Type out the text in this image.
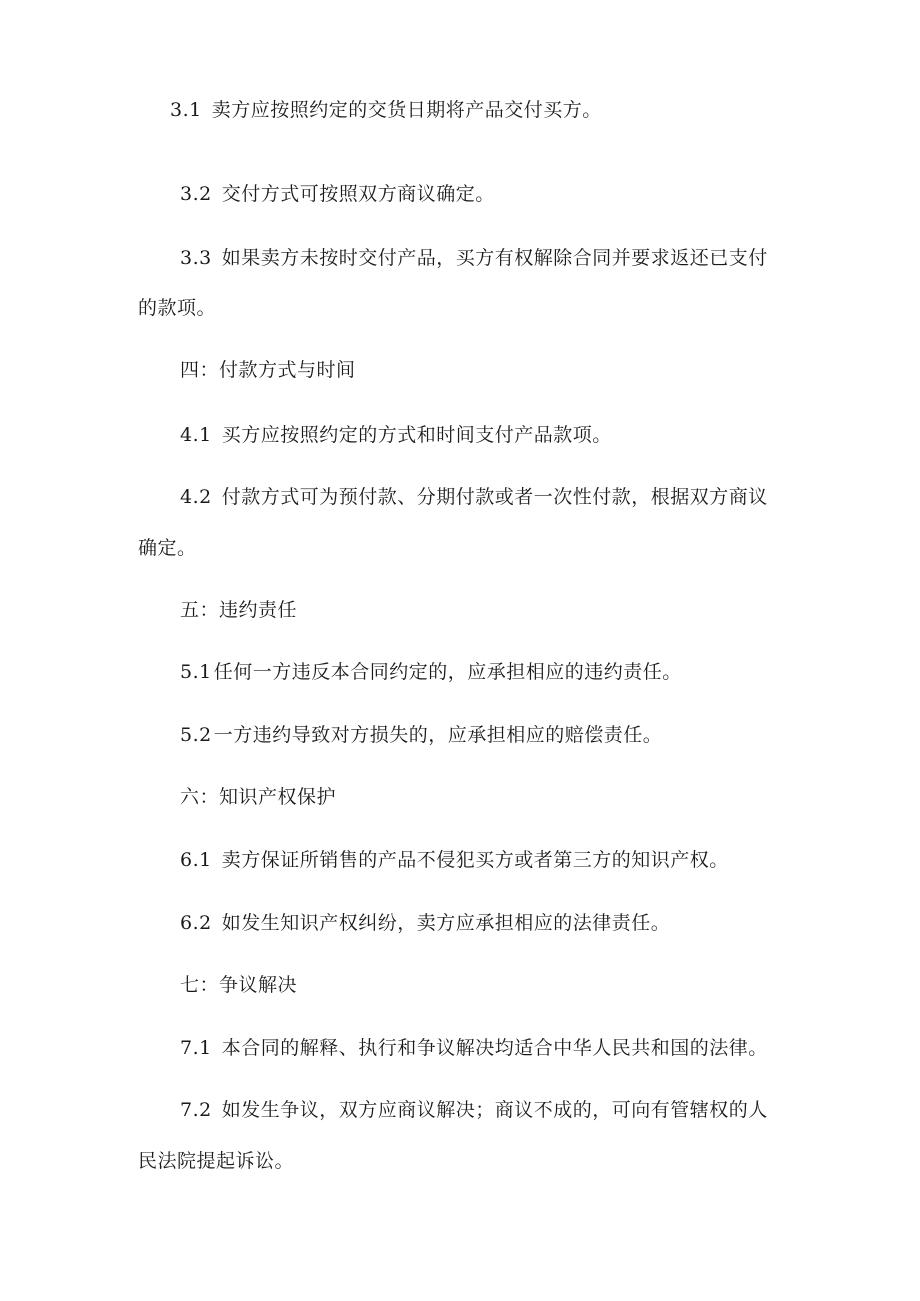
3.1 卖方应按照约定的交货日期将产品交付买方。
3.2 交付方式可按照双方商议确定。
3.3 如果卖方未按时交付产品，买方有权解除合同并要求返还已支付
的款项。
四：付款方式与时间
4.1 买方应按照约定的方式和时间支付产品款项。
4.2 付款方式可为预付款、分期付款或者一次性付款，根据双方商议
确定。
五：违约责任
5.1 任何一方违反本合同约定的，应承担相应的违约责任。
5.2 一方违约导致对方损失的，应承担相应的赔偿责任。
六：知识产权保护
6.1 卖方保证所销售的产品不侵犯买方或者第三方的知识产权。
6.2 如发生知识产权纠纷，卖方应承担相应的法律责任。
七：争议解决
7.1 本合同的解释、执行和争议解决均适合中华人民共和国的法律。
7.2 如发生争议，双方应商议解决；商议不成的，可向有管辖权的人
民法院提起诉讼。
